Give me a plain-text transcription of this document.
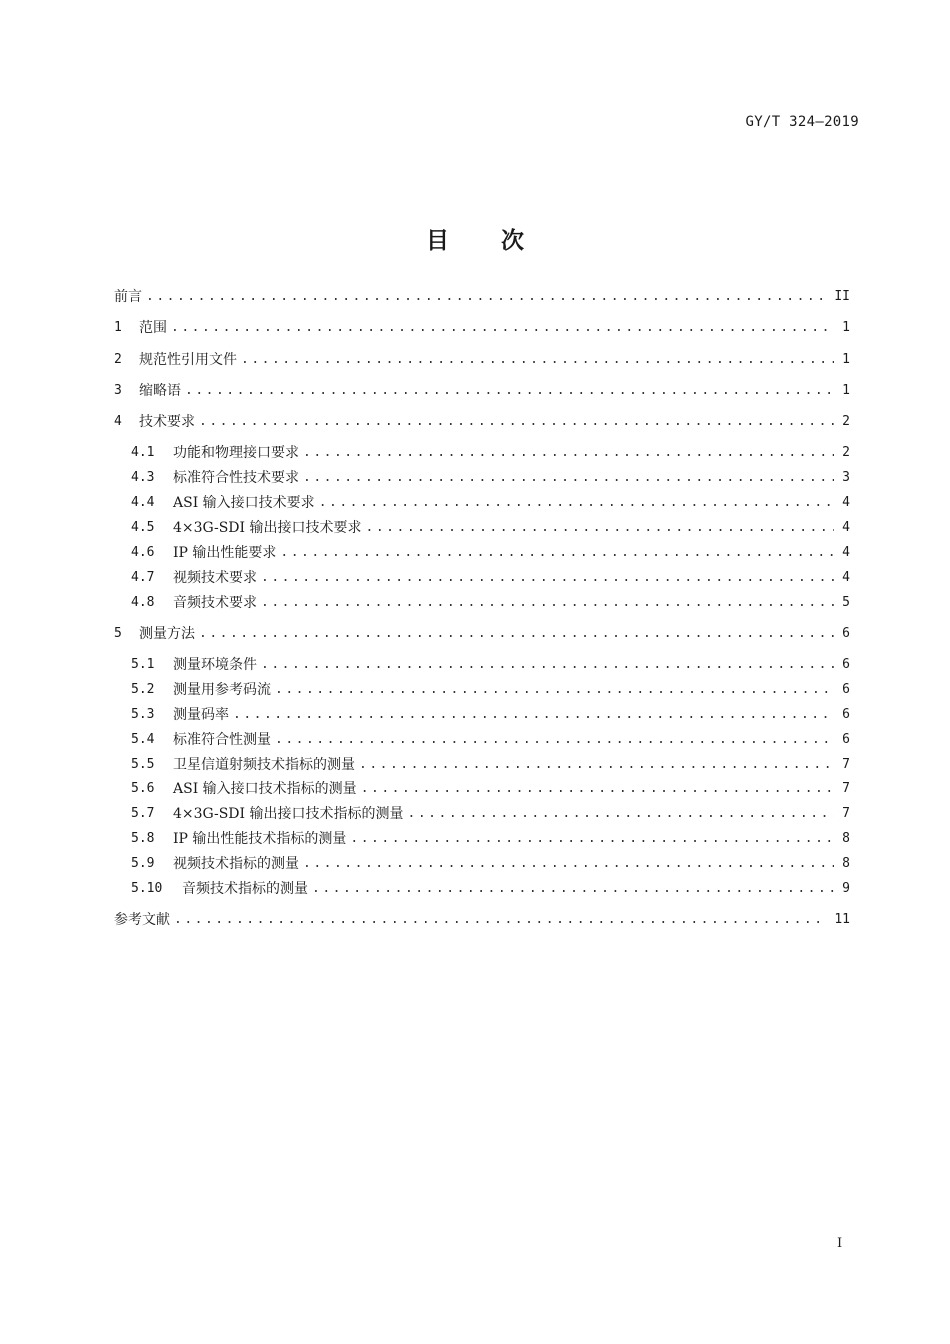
GY/T 324—2019
目次
前言 .....	II
1	范围 .....	1
2	规范性引用文件 .....	1
3	缩略语 .....	1
4	技术要求 .....	2
4.1	功能和物理接口要求 .....	2
4.3	标准符合性技术要求 .....	3
4.4	ASI 输入接口技术要求 .....	4
4.5	4×3G-SDI 输出接口技术要求 .....	4
4.6	IP 输出性能要求 .....	4
4.7	视频技术要求 .....	4
4.8	音频技术要求 .....	5
5	测量方法 .....	6
5.1	测量环境条件 .....	6
5.2	测量用参考码流 .....	6
5.3	测量码率 .....	6
5.4	标准符合性测量 .....	6
5.5	卫星信道射频技术指标的测量 .....	7
5.6	ASI 输入接口技术指标的测量 .....	7
5.7	4×3G-SDI 输出接口技术指标的测量 .....	7
5.8	IP 输出性能技术指标的测量 .....	8
5.9	视频技术指标的测量 .....	8
5.10	音频技术指标的测量 .....	9
参考文献 .....	11
I
